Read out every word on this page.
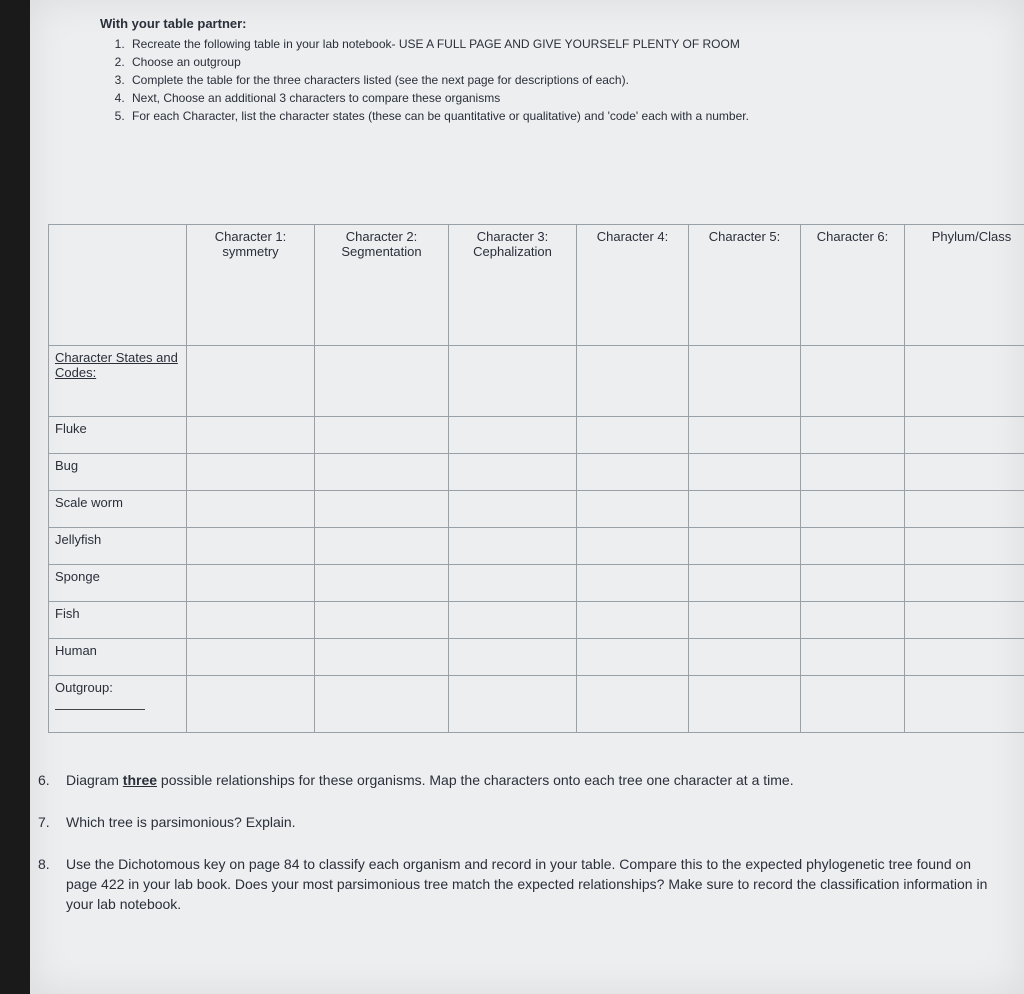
With your table partner:
1. Recreate the following table in your lab notebook- USE A FULL PAGE AND GIVE YOURSELF PLENTY OF ROOM
2. Choose an outgroup
3. Complete the table for the three characters listed (see the next page for descriptions of each).
4. Next, Choose an additional 3 characters to compare these organisms
5. For each Character, list the character states (these can be quantitative or qualitative) and 'code' each with a number.
	Character 1: symmetry	Character 2: Segmentation	Character 3: Cephalization	Character 4:	Character 5:	Character 6:	Phylum/Class
Character States and Codes:							
Fluke							
Bug							
Scale worm							
Jellyfish							
Sponge							
Fish							
Human							
Outgroup:

6.	Diagram three possible relationships for these organisms. Map the characters onto each tree one character at a time.
7.	Which tree is parsimonious? Explain.
8.	Use the Dichotomous key on page 84 to classify each organism and record in your table. Compare this to the expected phylogenetic tree found on page 422 in your lab book. Does your most parsimonious tree match the expected relationships? Make sure to record the classification information in your lab notebook.
